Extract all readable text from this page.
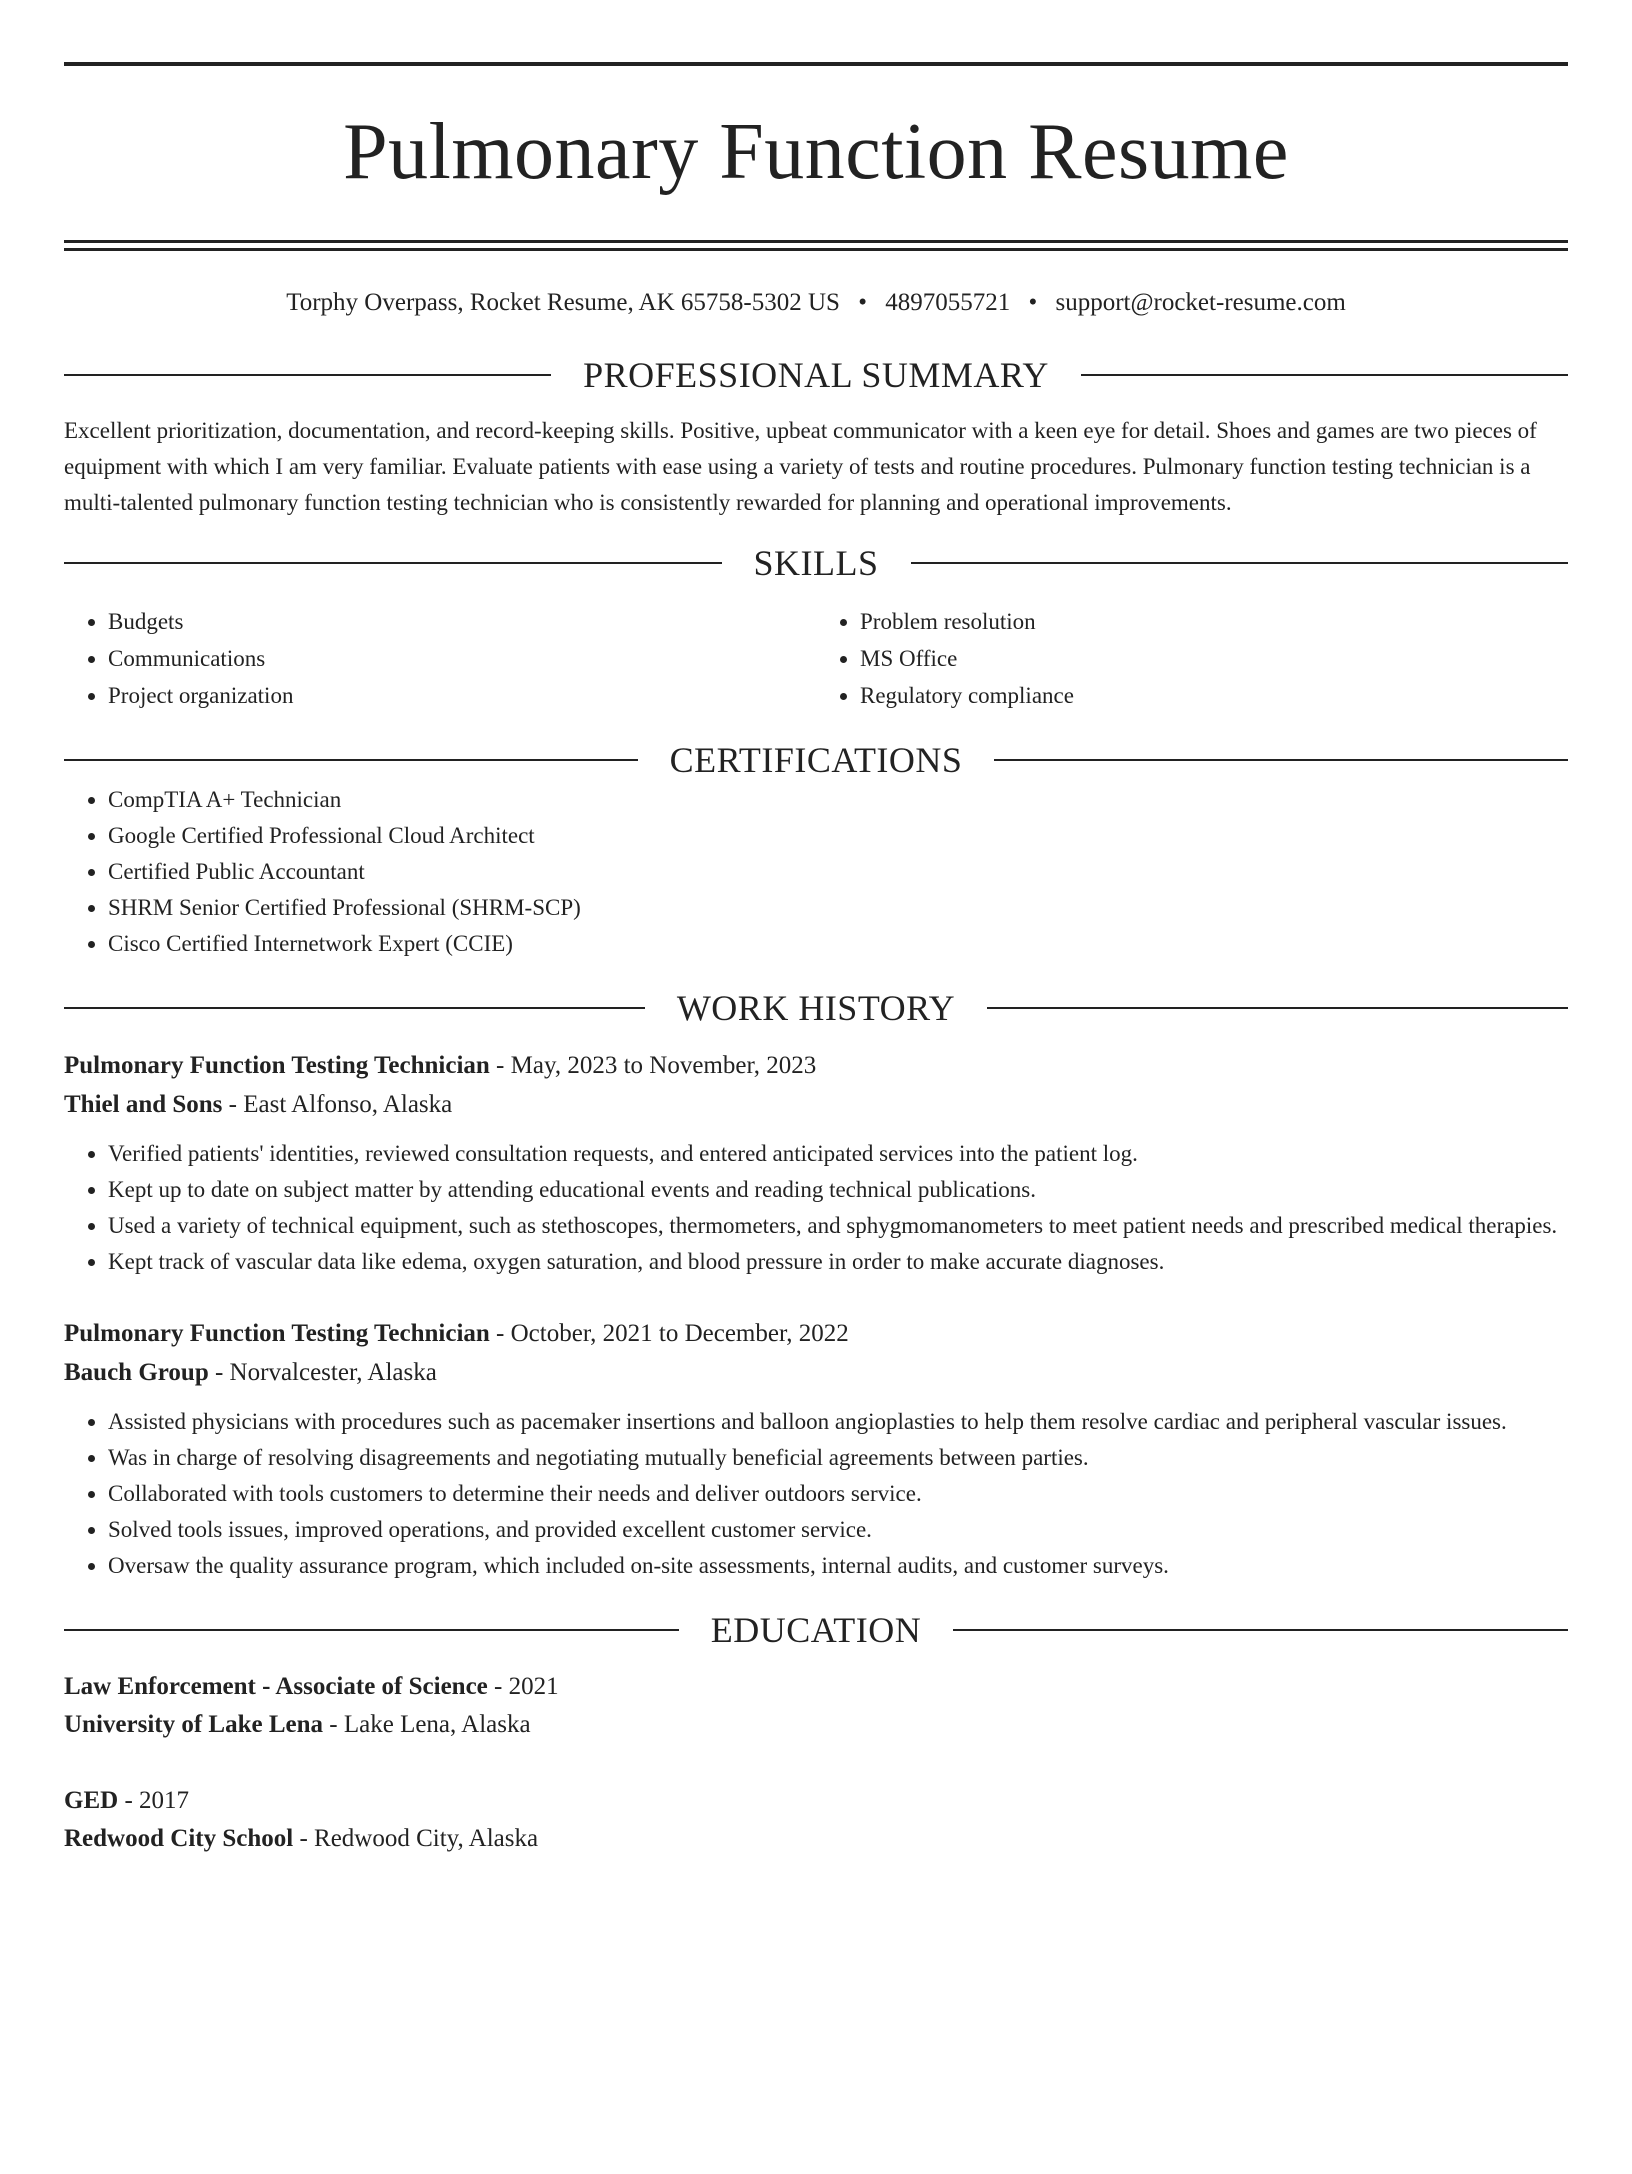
Pulmonary Function Resume
Torphy Overpass, Rocket Resume, AK 65758-5302 US • 4897055721 • support@rocket-resume.com
PROFESSIONAL SUMMARY

Excellent prioritization, documentation, and record-keeping skills. Positive, upbeat communicator with a keen eye for detail. Shoes and games are two pieces of equipment with which I am very familiar. Evaluate patients with ease using a variety of tests and routine procedures. Pulmonary function testing technician is a multi-talented pulmonary function testing technician who is consistently rewarded for planning and operational improvements.

SKILLS
• Budgets
• Communications
• Project organization
• Problem resolution
• MS Office
• Regulatory compliance
CERTIFICATIONS
• CompTIA A+ Technician
• Google Certified Professional Cloud Architect
• Certified Public Accountant
• SHRM Senior Certified Professional (SHRM-SCP)
• Cisco Certified Internetwork Expert (CCIE)
WORK HISTORY
Pulmonary Function Testing Technician - May, 2023 to November, 2023
Thiel and Sons - East Alfonso, Alaska
• Verified patients' identities, reviewed consultation requests, and entered anticipated services into the patient log.
• Kept up to date on subject matter by attending educational events and reading technical publications.
• Used a variety of technical equipment, such as stethoscopes, thermometers, and sphygmomanometers to meet patient needs and prescribed medical therapies.
• Kept track of vascular data like edema, oxygen saturation, and blood pressure in order to make accurate diagnoses.
Pulmonary Function Testing Technician - October, 2021 to December, 2022
Bauch Group - Norvalcester, Alaska
• Assisted physicians with procedures such as pacemaker insertions and balloon angioplasties to help them resolve cardiac and peripheral vascular issues.
• Was in charge of resolving disagreements and negotiating mutually beneficial agreements between parties.
• Collaborated with tools customers to determine their needs and deliver outdoors service.
• Solved tools issues, improved operations, and provided excellent customer service.
• Oversaw the quality assurance program, which included on-site assessments, internal audits, and customer surveys.
EDUCATION
Law Enforcement - Associate of Science - 2021
University of Lake Lena - Lake Lena, Alaska
GED - 2017
Redwood City School - Redwood City, Alaska
